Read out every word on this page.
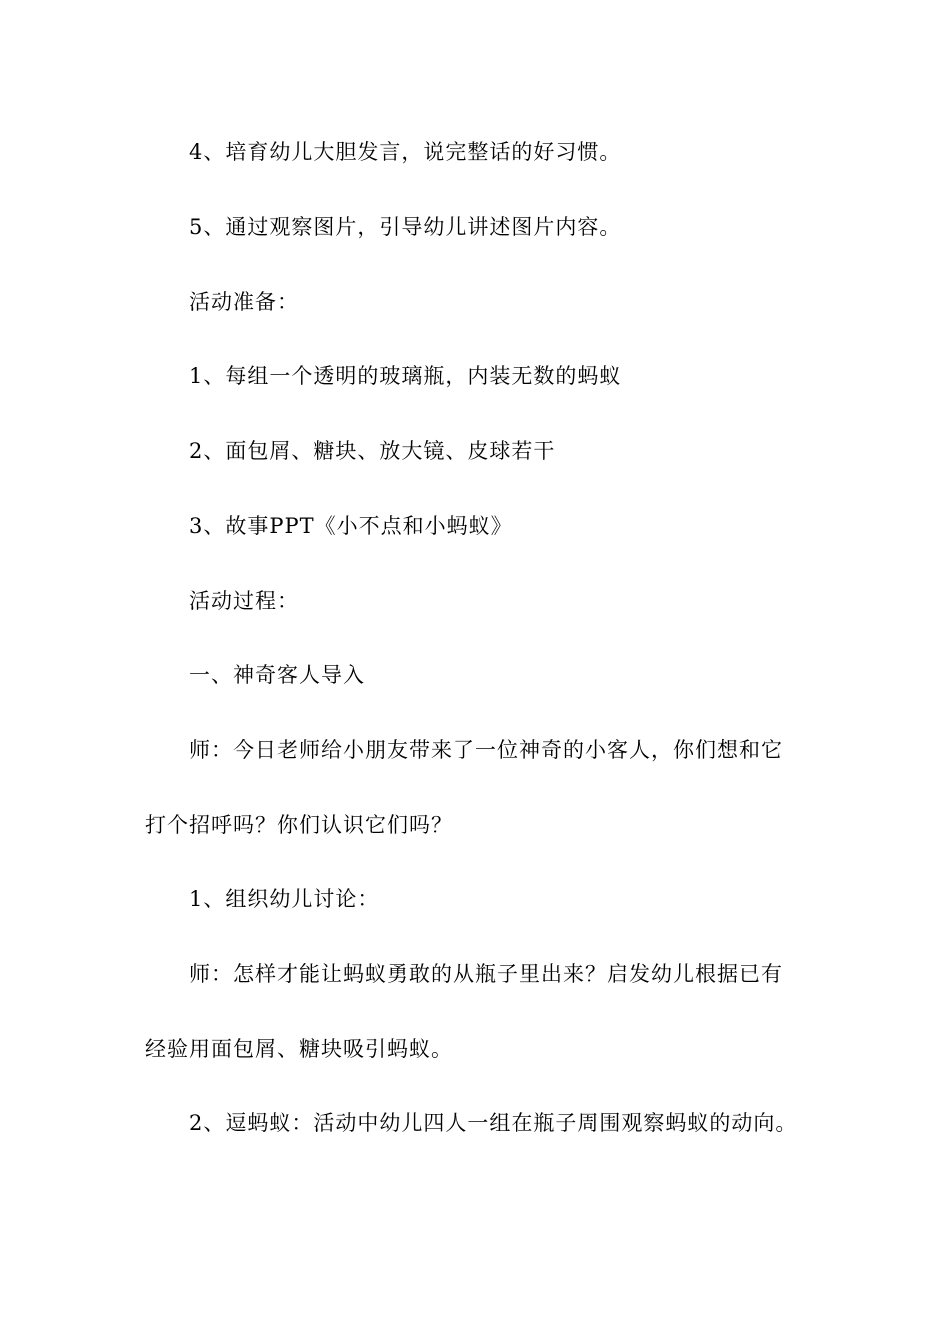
4、培育幼儿大胆发言，说完整话的好习惯。
5、通过观察图片，引导幼儿讲述图片内容。
活动准备：
1、每组一个透明的玻璃瓶，内装无数的蚂蚁
2、面包屑、糖块、放大镜、皮球若干
3、故事PPT《小不点和小蚂蚁》
活动过程：
一、神奇客人导入
师：今日老师给小朋友带来了一位神奇的小客人，你们想和它
打个招呼吗？你们认识它们吗？
1、组织幼儿讨论：
师：怎样才能让蚂蚁勇敢的从瓶子里出来？启发幼儿根据已有
经验用面包屑、糖块吸引蚂蚁。
2、逗蚂蚁：活动中幼儿四人一组在瓶子周围观察蚂蚁的动向。
